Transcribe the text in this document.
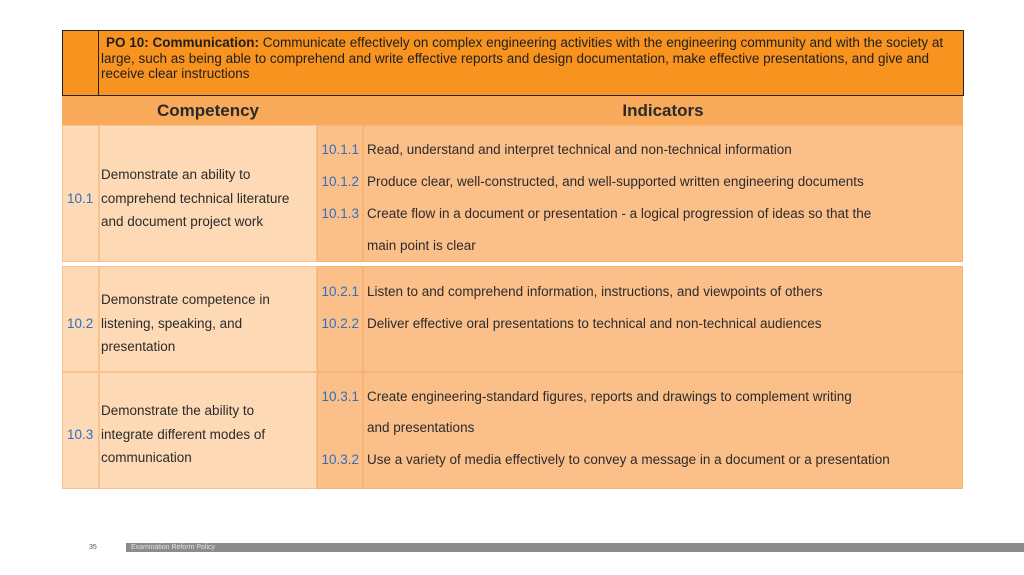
PO 10: Communication: Communicate effectively on complex engineering activities with the engineering community and with the society at large, such as being able to comprehend and write effective reports and design documentation, make effective presentations, and give and receive clear instructions
Competency	Indicators
10.1
Demonstrate an ability to
comprehend technical literature
and document project work
10.1.1 Read, understand and interpret technical and non-technical information
10.1.2 Produce clear, well-constructed, and well-supported written engineering documents
10.1.3 Create flow in a document or presentation - a logical progression of ideas so that the
main point is clear
10.2
Demonstrate competence in
listening, speaking, and
presentation
10.2.1 Listen to and comprehend information, instructions, and viewpoints of others
10.2.2 Deliver effective oral presentations to technical and non-technical audiences
10.3
Demonstrate the ability to
integrate different modes of
communication
10.3.1 Create engineering-standard figures, reports and drawings to complement writing
and presentations
10.3.2 Use a variety of media effectively to convey a message in a document or a presentation
35	Examination Reform Policy
